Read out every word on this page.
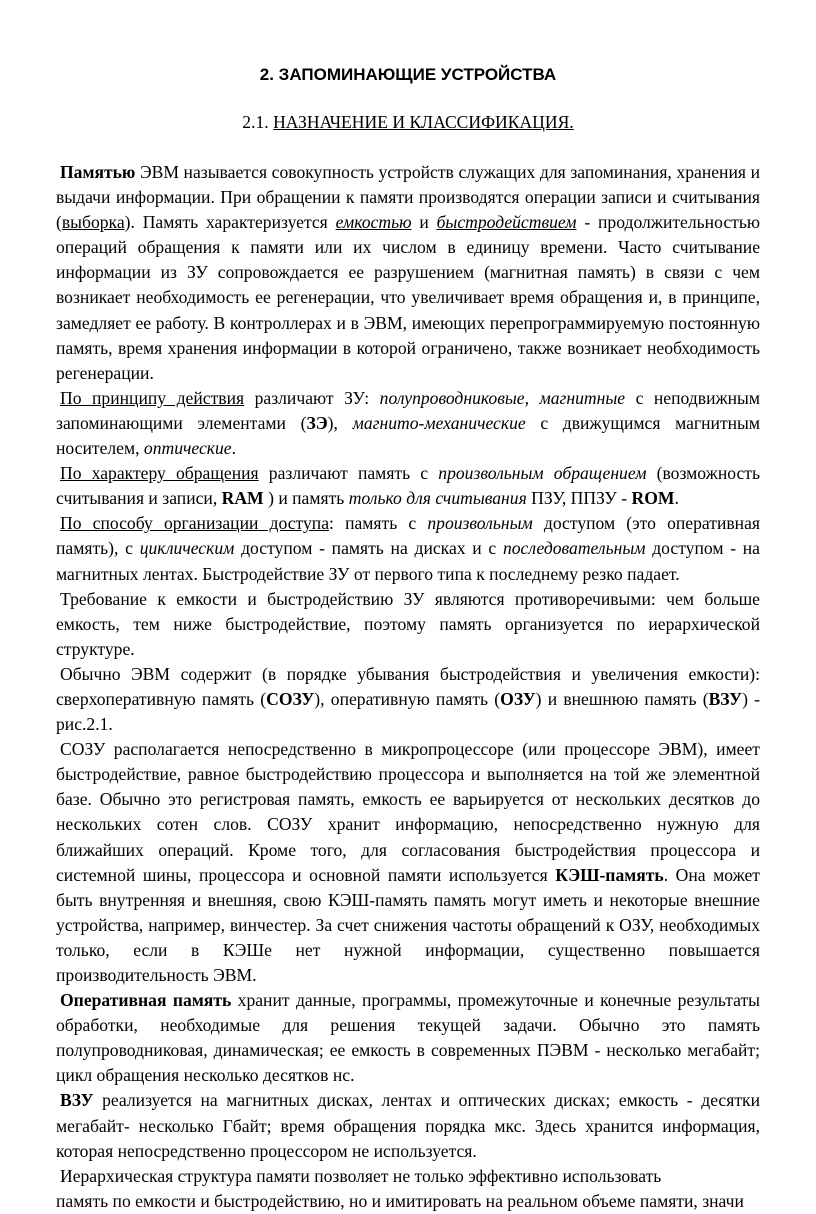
2. ЗАПОМИНАЮЩИЕ УСТРОЙСТВА
2.1. НАЗНАЧЕНИЕ И КЛАССИФИКАЦИЯ.

Памятью ЭВМ называется совокупность устройств служащих для запоминания, хранения и выдачи информации. При обращении к памяти производятся операции записи и считывания (выборка). Память характеризуется емкостью и быстродействием - продолжительностью операций обращения к памяти или их числом в единицу времени. Часто считывание информации из ЗУ сопровождается ее разрушением (магнитная память) в связи с чем возникает необходимость ее регенерации, что увеличивает время обращения и, в принципе, замедляет ее работу. В контроллерах и в ЭВМ, имеющих перепрограммируемую постоянную память, время хранения информации в которой ограничено, также возникает необходимость регенерации.

По принципу действия различают ЗУ: полупроводниковые, магнитные с неподвижным запоминающими элементами (ЗЭ), магнито-механические с движущимся магнитным носителем, оптические.

По характеру обращения различают память с произвольным обращением (возможность считывания и записи, RAM ) и память только для считывания ПЗУ, ППЗУ - ROM.

По способу организации доступа: память с произвольным доступом (это оперативная память), с циклическим доступом - память на дисках и с последовательным доступом - на магнитных лентах. Быстродействие ЗУ от первого типа к последнему резко падает.

Требование к емкости и быстродействию ЗУ являются противоречивыми: чем больше емкость, тем ниже быстродействие, поэтому память организуется по иерархической структуре.

Обычно ЭВМ содержит (в порядке убывания быстродействия и увеличения емкости): сверхоперативную память (СОЗУ), оперативную память (ОЗУ) и внешнюю память (ВЗУ) - рис.2.1.

СОЗУ располагается непосредственно в микропроцессоре (или процессоре ЭВМ), имеет быстродействие, равное быстродействию процессора и выполняется на той же элементной базе. Обычно это регистровая память, емкость ее варьируется от нескольких десятков до нескольких сотен слов. СОЗУ хранит информацию, непосредственно нужную для ближайших операций. Кроме того, для согласования быстродействия процессора и системной шины, процессора и основной памяти используется КЭШ-память. Она может быть внутренняя и внешняя, свою КЭШ-память память могут иметь и некоторые внешние устройства, например, винчестер. За счет снижения частоты обращений к ОЗУ, необходимых только, если в КЭШе нет нужной информации, существенно повышается производительность ЭВМ.

Оперативная память хранит данные, программы, промежуточные и конечные результаты обработки, необходимые для решения текущей задачи. Обычно это память полупроводниковая, динамическая; ее емкость в современных ПЭВМ - несколько мегабайт; цикл обращения несколько десятков нс.

ВЗУ реализуется на магнитных дисках, лентах и оптических дисках; емкость - десятки мегабайт- несколько Гбайт; время обращения порядка мкс. Здесь хранится информация, которая непосредственно процессором не используется.

Иерархическая структура памяти позволяет не только эффективно использовать
память по емкости и быстродействию, но и имитировать на реальном объеме памяти, значи
